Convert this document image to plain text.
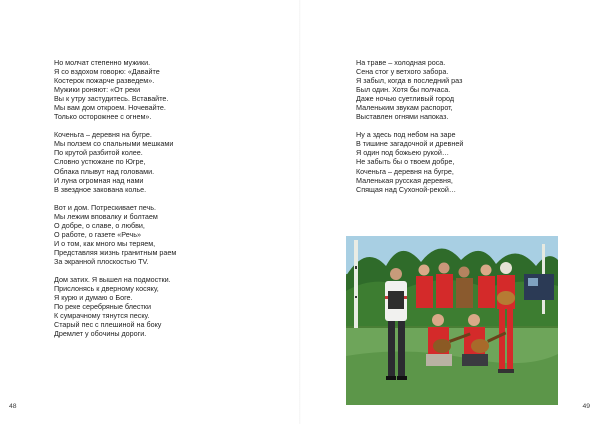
Но молчат степенно мужики.
Я со вздохом говорю: «Давайте
Костерок пожарче разведем».
Мужики роняют: «От реки
Вы к утру застудитесь. Вставайте.
Мы вам дом откроем. Ночевайте.
Только осторожнее с огнем».
Коченьга – деревня на бугре.
Мы ползем со спальными мешками
По крутой разбитой колее.
Словно устюжане по Югре,
Облака плывут над головами.
И луна огромная над нами
В звездное закована колье.
Вот и дом. Потрескивает печь.
Мы лежим вповалку и болтаем
О добре, о славе, о любви,
О работе, о газете «Речь»
И о том, как много мы теряем,
Представляя жизнь гранитным раем
За экранной плоскостью TV.
Дом затих. Я вышел на подмостки.
Прислонясь к дверному косяку,
Я курю и думаю о Боге.
По реке серебряные блестки
К сумрачному тянутся песку.
Старый пес с плешиной на боку
Дремлет у обочины дороги.
48
На траве – холодная роса.
Сена стог у ветхого забора.
Я забыл, когда в последний раз
Был один. Хотя бы полчаса.
Даже ночью суетливый город
Маленьким звукам распорот,
Выставлен огнями напоказ.
Ну а здесь под небом на заре
В тишине загадочной и древней
Я один под божьею рукой…
Не забыть бы о твоем добре,
Коченьга – деревня на бугре,
Маленькая русская деревня,
Спящая над Сухоной-рекой…
49
